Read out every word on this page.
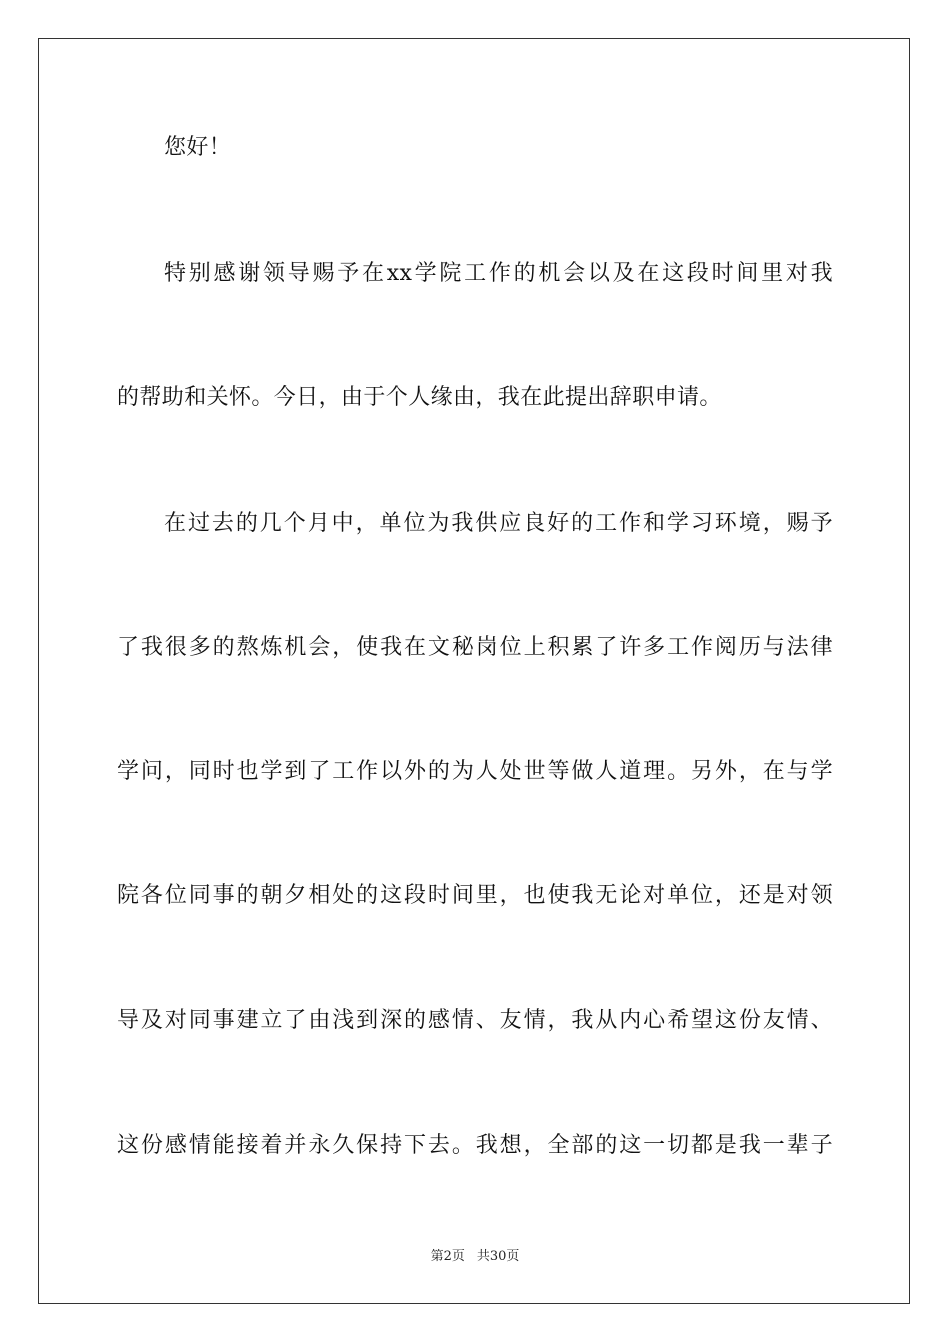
您好！
特别感谢领导赐予在xx学院工作的机会以及在这段时间里对我
的帮助和关怀。今日，由于个人缘由，我在此提出辞职申请。
在过去的几个月中，单位为我供应良好的工作和学习环境，赐予
了我很多的熬炼机会，使我在文秘岗位上积累了许多工作阅历与法律
学问，同时也学到了工作以外的为人处世等做人道理。另外，在与学
院各位同事的朝夕相处的这段时间里，也使我无论对单位，还是对领
导及对同事建立了由浅到深的感情、友情，我从内心希望这份友情、
这份感情能接着并永久保持下去。我想，全部的这一切都是我一辈子
第2页 共30页
